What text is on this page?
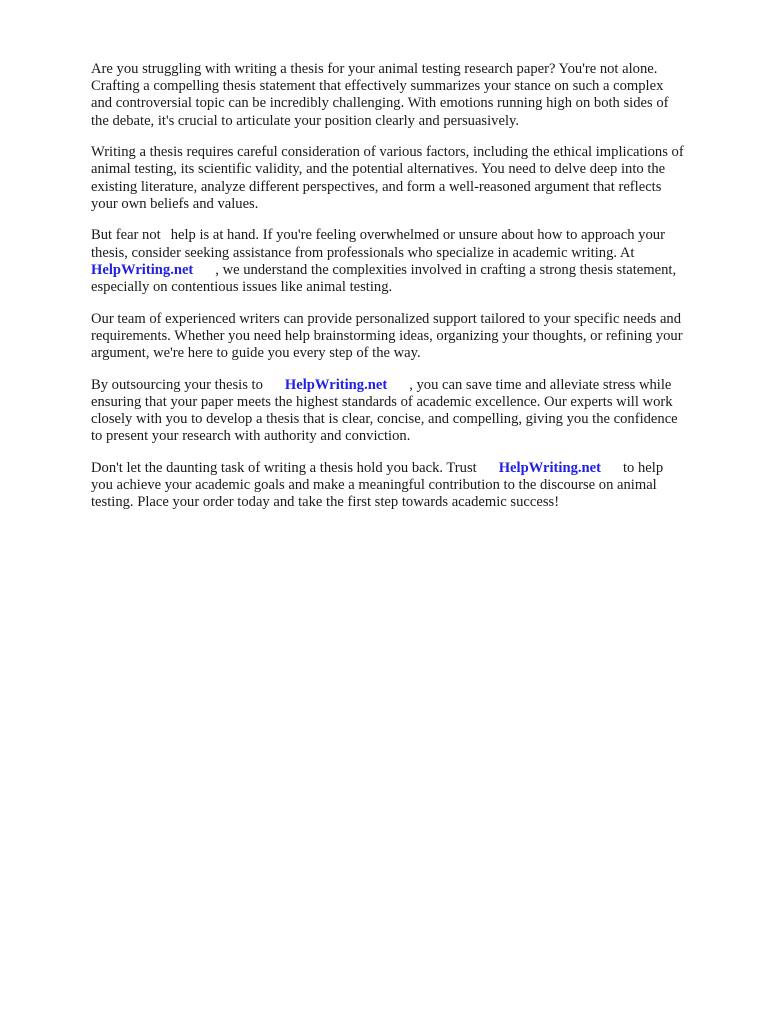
Are you struggling with writing a thesis for your animal testing research paper? You're not alone.
Crafting a compelling thesis statement that effectively summarizes your stance on such a complex
and controversial topic can be incredibly challenging. With emotions running high on both sides of
the debate, it's crucial to articulate your position clearly and persuasively.

Writing a thesis requires careful consideration of various factors, including the ethical implications of
animal testing, its scientific validity, and the potential alternatives. You need to delve deep into the
existing literature, analyze different perspectives, and form a well-reasoned argument that reflects
your own beliefs and values.

But fear not help is at hand. If you're feeling overwhelmed or unsure about how to approach your
thesis, consider seeking assistance from professionals who specialize in academic writing. At
HelpWriting.net , we understand the complexities involved in crafting a strong thesis statement,
especially on contentious issues like animal testing.

Our team of experienced writers can provide personalized support tailored to your specific needs and
requirements. Whether you need help brainstorming ideas, organizing your thoughts, or refining your
argument, we're here to guide you every step of the way.

By outsourcing your thesis to HelpWriting.net , you can save time and alleviate stress while
ensuring that your paper meets the highest standards of academic excellence. Our experts will work
closely with you to develop a thesis that is clear, concise, and compelling, giving you the confidence
to present your research with authority and conviction.

Don't let the daunting task of writing a thesis hold you back. Trust HelpWriting.net to help
you achieve your academic goals and make a meaningful contribution to the discourse on animal
testing. Place your order today and take the first step towards academic success!
